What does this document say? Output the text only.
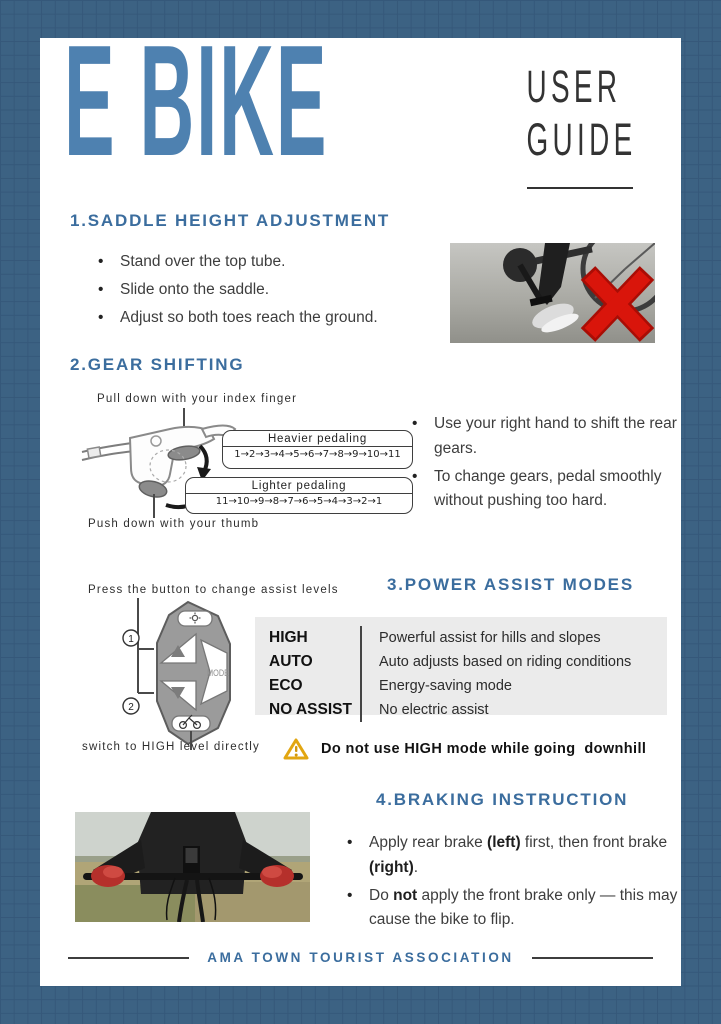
E BIKE	USER
GUIDE
1.SADDLE HEIGHT ADJUSTMENT
• Stand over the top tube.
• Slide onto the saddle.
• Adjust so both toes reach the ground.
2.GEAR SHIFTING
Pull down with your index finger
Heavier pedaling
1→2→3→4→5→6→7→8→9→10→11
Lighter pedaling
11→10→9→8→7→6→5→4→3→2→1
Push down with your thumb
• Use your right hand to shift the rear gears.
• To change gears, pedal smoothly without pushing too hard.
Press the button to change assist levels	3.POWER ASSIST MODES
1
2
MODE
HIGH	Powerful assist for hills and slopes
AUTO	Auto adjusts based on riding conditions
ECO	Energy-saving mode
NO ASSIST	No electric assist
switch to HIGH level directly	Do not use HIGH mode while going  downhill
4.BRAKING INSTRUCTION
• Apply rear brake (left) first, then front brake (right).
• Do not apply the front brake only — this may cause the bike to flip.
AMA TOWN TOURIST ASSOCIATION
